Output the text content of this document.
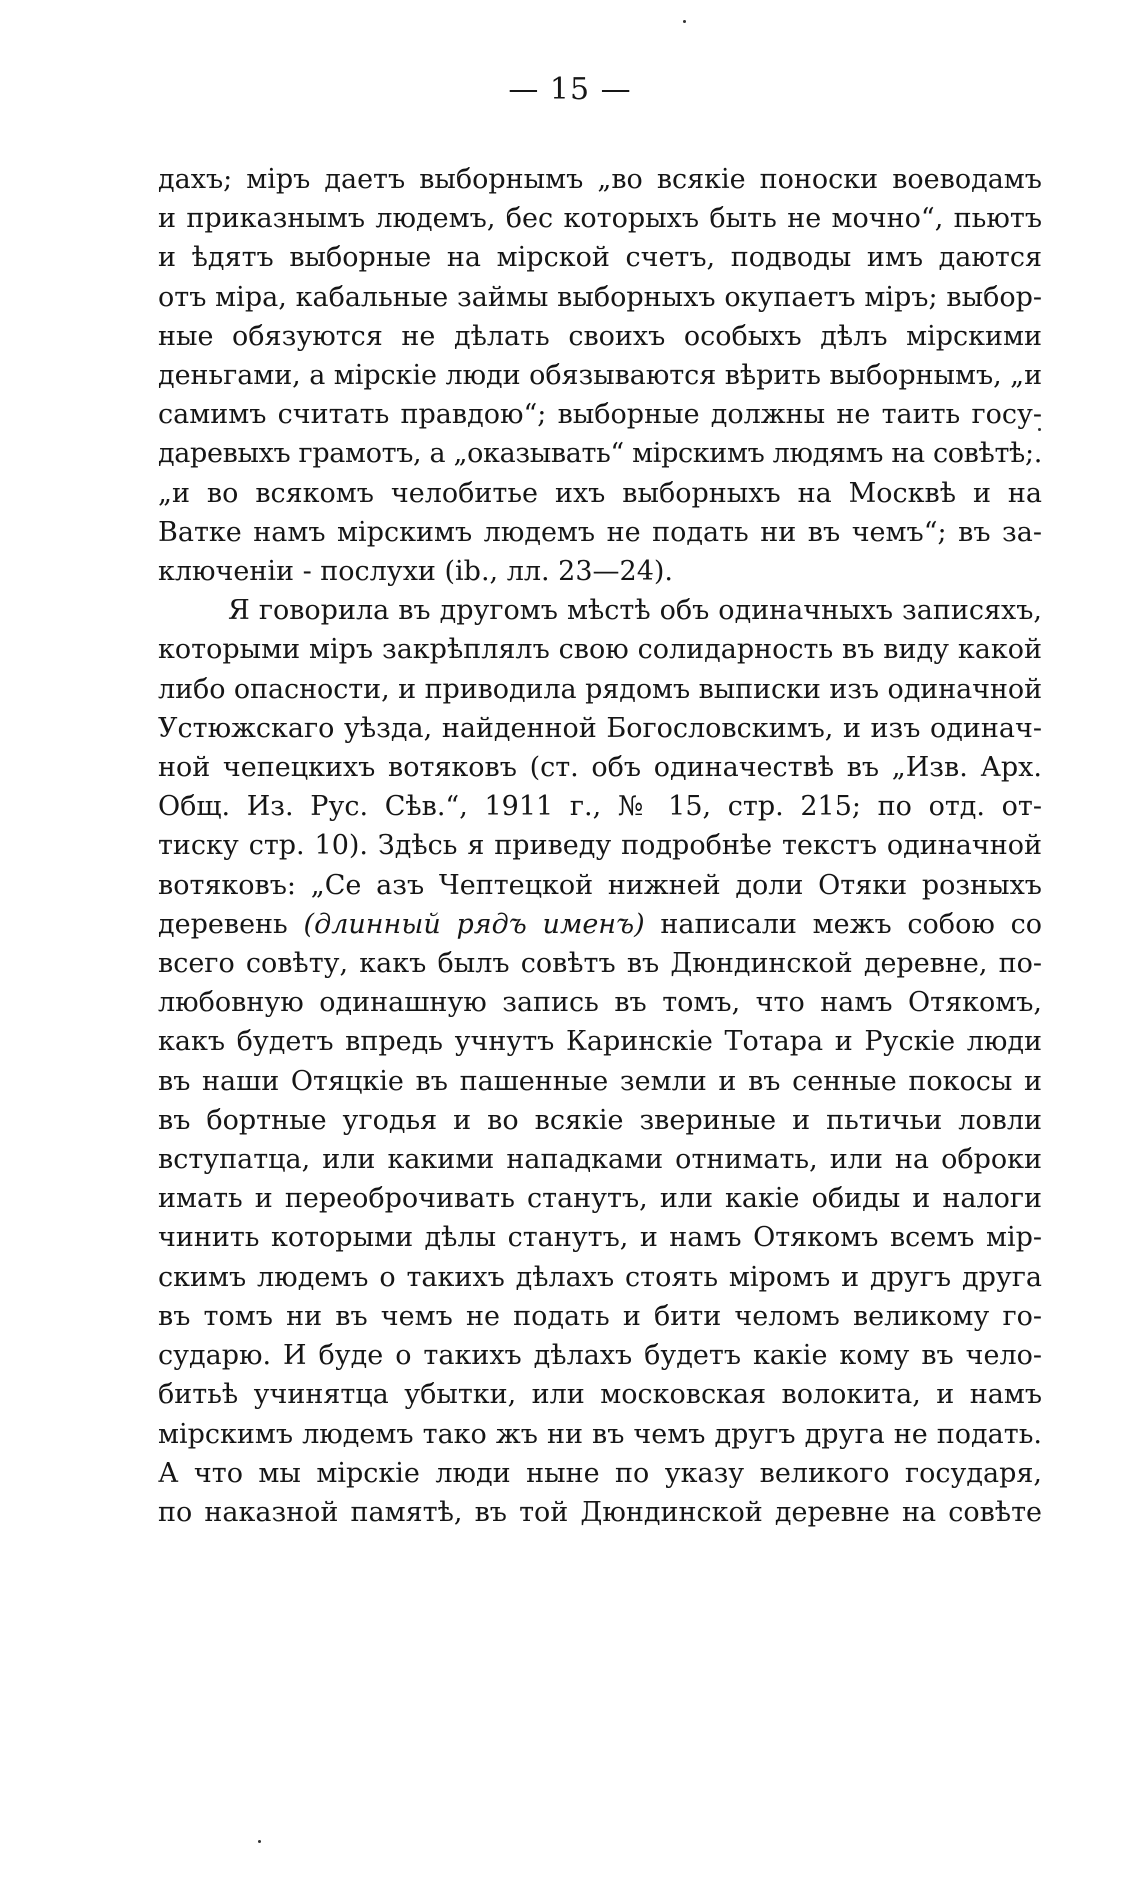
— 15 —
дахъ; міръ даетъ выборнымъ „во всякіе поноски воеводамъ
и приказнымъ людемъ, бес которыхъ быть не мочно“, пьютъ
и ѣдятъ выборные на мірской счетъ, подводы имъ даются
отъ міра, кабальные займы выборныхъ окупаетъ міръ; выбор-
ные обязуются не дѣлать своихъ особыхъ дѣлъ мірскими
деньгами, а мірскіе люди обязываются вѣрить выборнымъ, „и
самимъ считать правдою“; выборные должны не таить госу-
даревыхъ грамотъ, а „оказывать“ мірскимъ людямъ на совѣтѣ;.
„и во всякомъ челобитье ихъ выборныхъ на Москвѣ и на
Ватке намъ мірскимъ людемъ не подать ни въ чемъ“; въ за-
ключеніи - послухи (ib., лл. 23—24).
Я говорила въ другомъ мѣстѣ объ одиначныхъ записяхъ,
которыми міръ закрѣплялъ свою солидарность въ виду какой
либо опасности, и приводила рядомъ выписки изъ одиначной
Устюжскаго уѣзда, найденной Богословскимъ, и изъ одинач-
ной чепецкихъ вотяковъ (ст. объ одиначествѣ въ „Изв. Арх.
Общ. Из. Рус. Сѣв.“, 1911 г., № 15, стр. 215; по отд. от-
тиску стр. 10). Здѣсь я приведу подробнѣе текстъ одиначной
вотяковъ: „Се азъ Чептецкой нижней доли Отяки розныхъ
деревень (длинный рядъ именъ) написали межъ собою со
всего совѣту, какъ былъ совѣтъ въ Дюндинской деревне, по-
любовную одинашную запись въ томъ, что намъ Отякомъ,
какъ будетъ впредь учнутъ Каринскіе Тотара и Рускіе люди
въ наши Отяцкіе въ пашенные земли и въ сенные покосы и
въ бортные угодья и во всякіе звериные и пьтичьи ловли
вступатца, или какими нападками отнимать, или на оброки
имать и переоброчивать станутъ, или какіе обиды и налоги
чинить которыми дѣлы станутъ, и намъ Отякомъ всемъ мір-
скимъ людемъ о такихъ дѣлахъ стоять міромъ и другъ друга
въ томъ ни въ чемъ не подать и бити челомъ великому го-
сударю. И буде о такихъ дѣлахъ будетъ какіе кому въ чело-
битьѣ учинятца убытки, или московская волокита, и намъ
мірскимъ людемъ тако жъ ни въ чемъ другъ друга не подать.
А что мы мірскіе люди ныне по указу великого государя,
по наказной памятѣ, въ той Дюндинской деревне на совѣте
